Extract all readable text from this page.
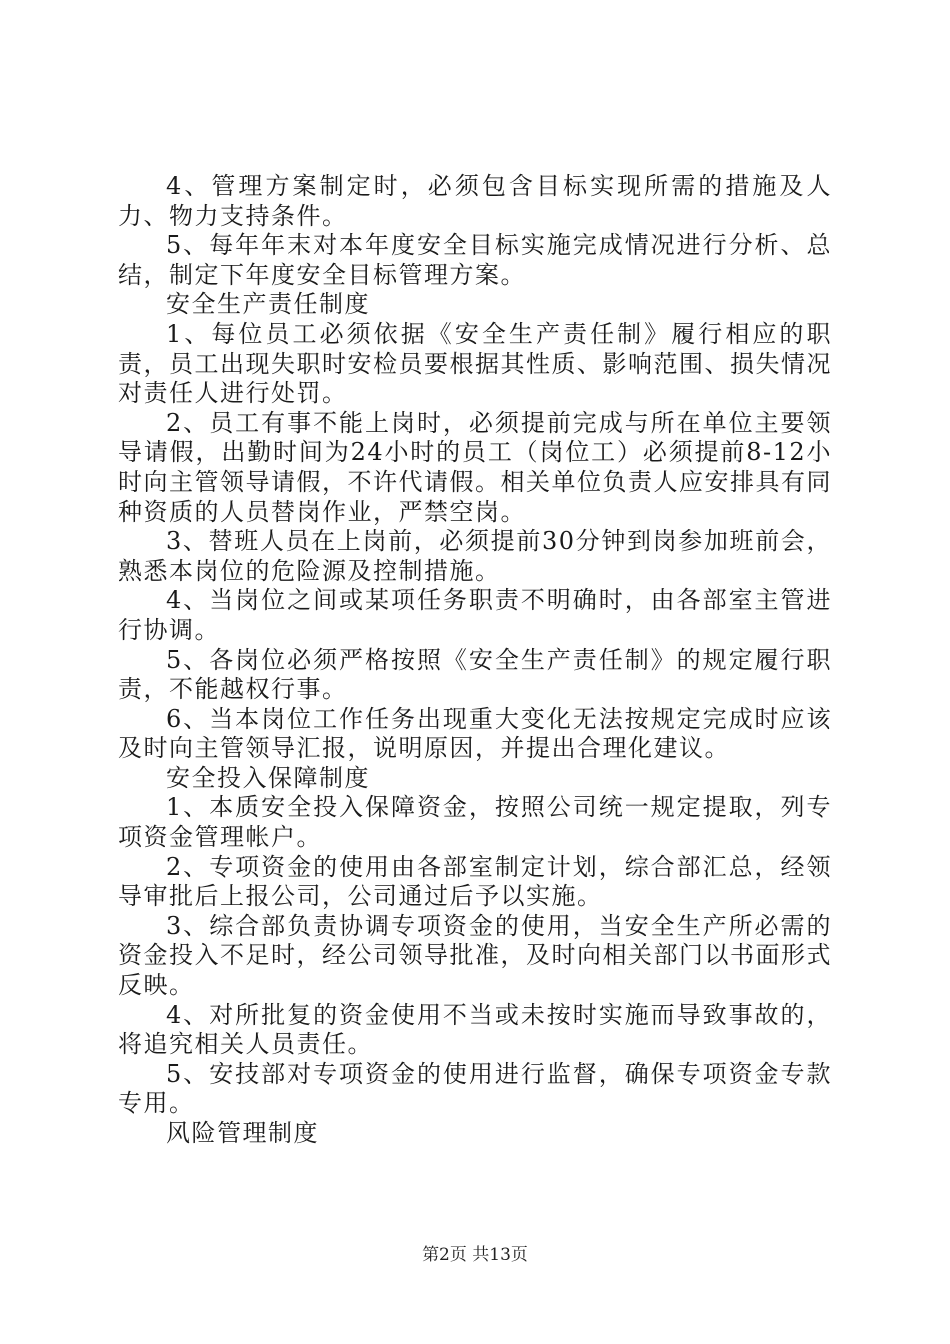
4、管理方案制定时，必须包含目标实现所需的措施及人力、物力支持条件。

5、每年年末对本年度安全目标实施完成情况进行分析、总结，制定下年度安全目标管理方案。

安全生产责任制度

1、每位员工必须依据《安全生产责任制》履行相应的职责，员工出现失职时安检员要根据其性质、影响范围、损失情况对责任人进行处罚。

2、员工有事不能上岗时，必须提前完成与所在单位主要领导请假，出勤时间为24小时的员工（岗位工）必须提前8-12小时向主管领导请假，不许代请假。相关单位负责人应安排具有同种资质的人员替岗作业，严禁空岗。

3、替班人员在上岗前，必须提前30分钟到岗参加班前会，熟悉本岗位的危险源及控制措施。

4、当岗位之间或某项任务职责不明确时，由各部室主管进行协调。

5、各岗位必须严格按照《安全生产责任制》的规定履行职责，不能越权行事。

6、当本岗位工作任务出现重大变化无法按规定完成时应该及时向主管领导汇报，说明原因，并提出合理化建议。

安全投入保障制度

1、本质安全投入保障资金，按照公司统一规定提取，列专项资金管理帐户。

2、专项资金的使用由各部室制定计划，综合部汇总，经领导审批后上报公司，公司通过后予以实施。

3、综合部负责协调专项资金的使用，当安全生产所必需的资金投入不足时，经公司领导批准，及时向相关部门以书面形式反映。

4、对所批复的资金使用不当或未按时实施而导致事故的，将追究相关人员责任。

5、安技部对专项资金的使用进行监督，确保专项资金专款专用。

风险管理制度

第2页 共13页
